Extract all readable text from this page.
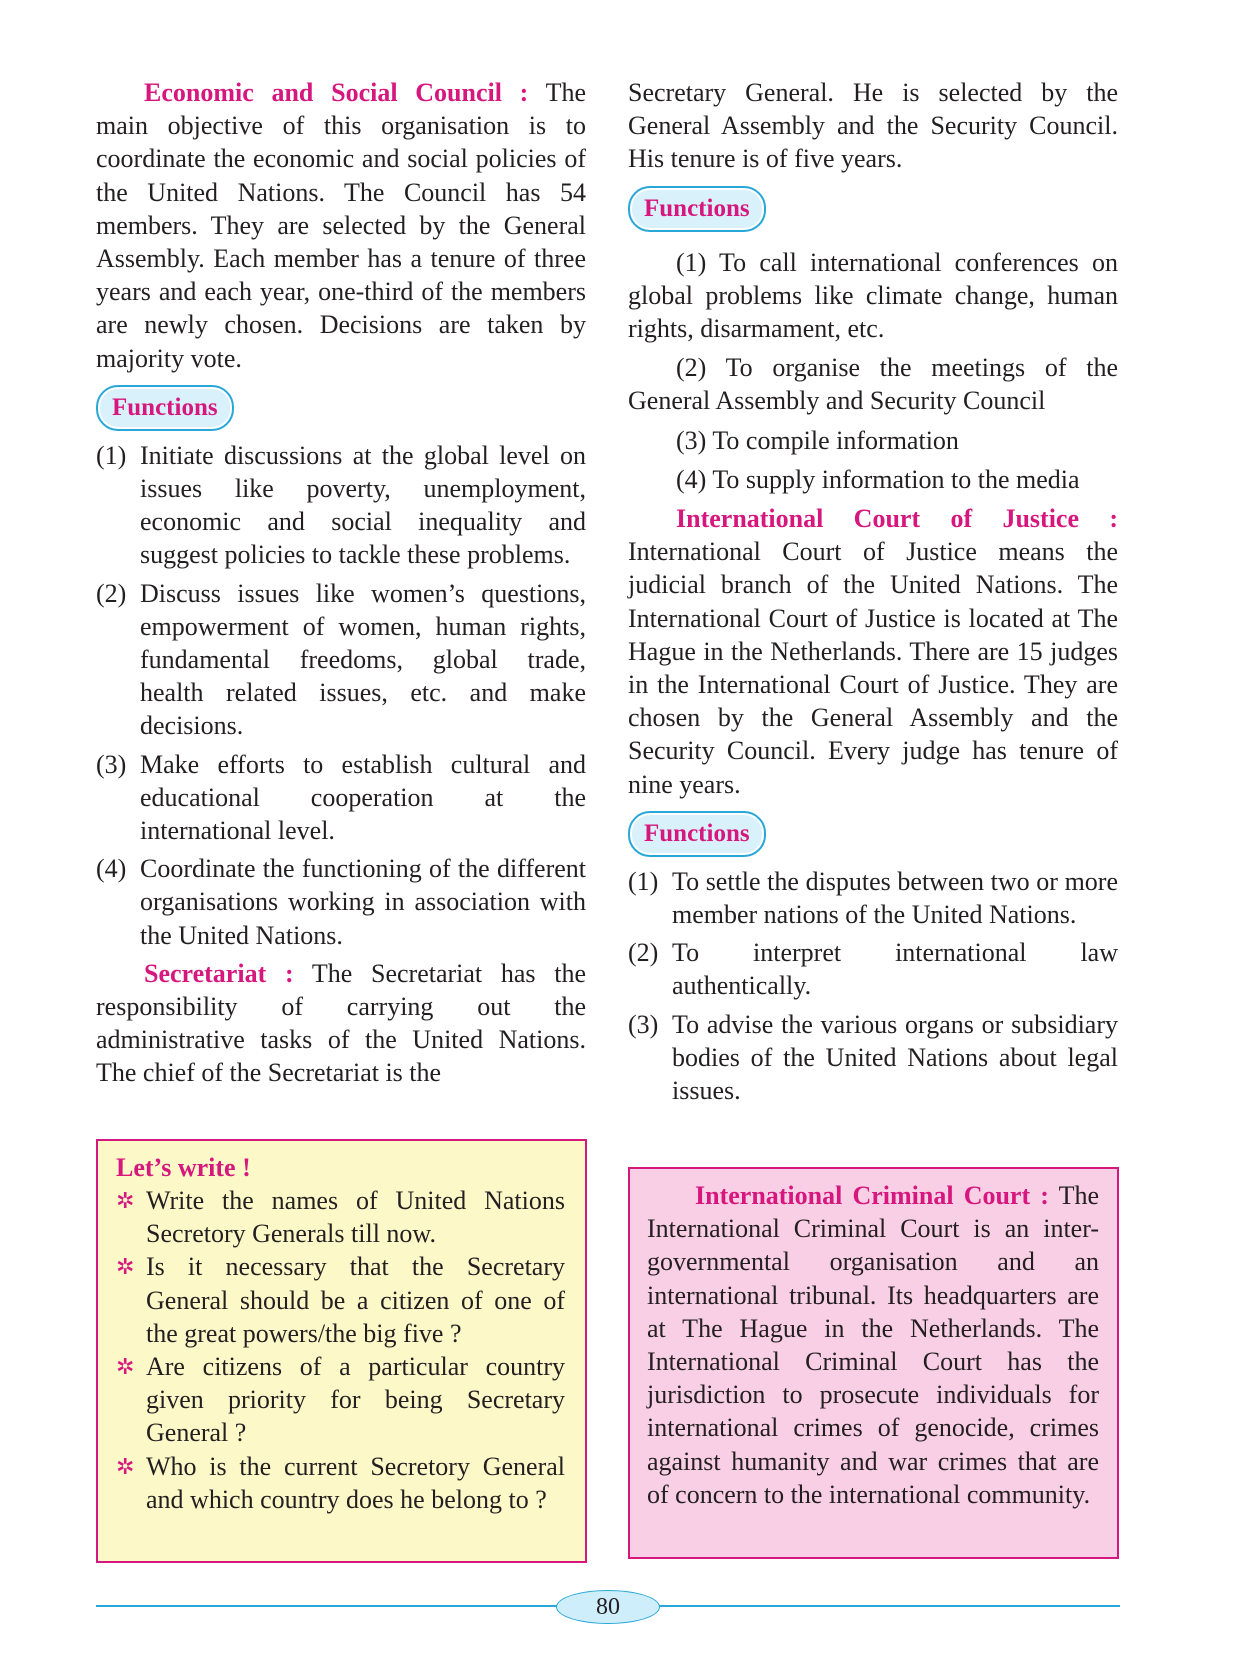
Economic and Social Council : The main objective of this organisation is to coordinate the economic and social policies of the United Nations. The Council has 54 members. They are selected by the General Assembly. Each member has a tenure of three years and each year, one-third of the members are newly chosen. Decisions are taken by majority vote.

Functions
(1) Initiate discussions at the global level on issues like poverty, unemployment, economic and social inequality and suggest policies to tackle these problems.
(2) Discuss issues like women’s questions, empowerment of women, human rights, fundamental freedoms, global trade, health related issues, etc. and make decisions.
(3) Make efforts to establish cultural and educational cooperation at the international level.
(4) Coordinate the functioning of the different organisations working in association with the United Nations.

Secretariat : The Secretariat has the responsibility of carrying out the administrative tasks of the United Nations. The chief of the Secretariat is the

Secretary General. He is selected by the General Assembly and the Security Council. His tenure is of five years.

Functions

(1) To call international conferences on global problems like climate change, human rights, disarmament, etc.

(2) To organise the meetings of the General Assembly and Security Council

(3) To compile information

(4) To supply information to the media

International Court of Justice : International Court of Justice means the judicial branch of the United Nations. The International Court of Justice is located at The Hague in the Netherlands. There are 15 judges in the International Court of Justice. They are chosen by the General Assembly and the Security Council. Every judge has tenure of nine years.

Functions
(1) To settle the disputes between two or more member nations of the United Nations.
(2) To interpret international law authentically.
(3) To advise the various organs or subsidiary bodies of the United Nations about legal issues.
Let’s write !
✲ Write the names of United Nations Secretory Generals till now.
✲ Is it necessary that the Secretary General should be a citizen of one of the great powers/the big five ?
✲ Are citizens of a particular country given priority for being Secretary General ?
✲ Who is the current Secretory General and which country does he belong to ?

International Criminal Court : The International Criminal Court is an inter-governmental organisation and an international tribunal. Its headquarters are at The Hague in the Netherlands. The International Criminal Court has the jurisdiction to prosecute individuals for international crimes of genocide, crimes against humanity and war crimes that are of concern to the international community.

80
